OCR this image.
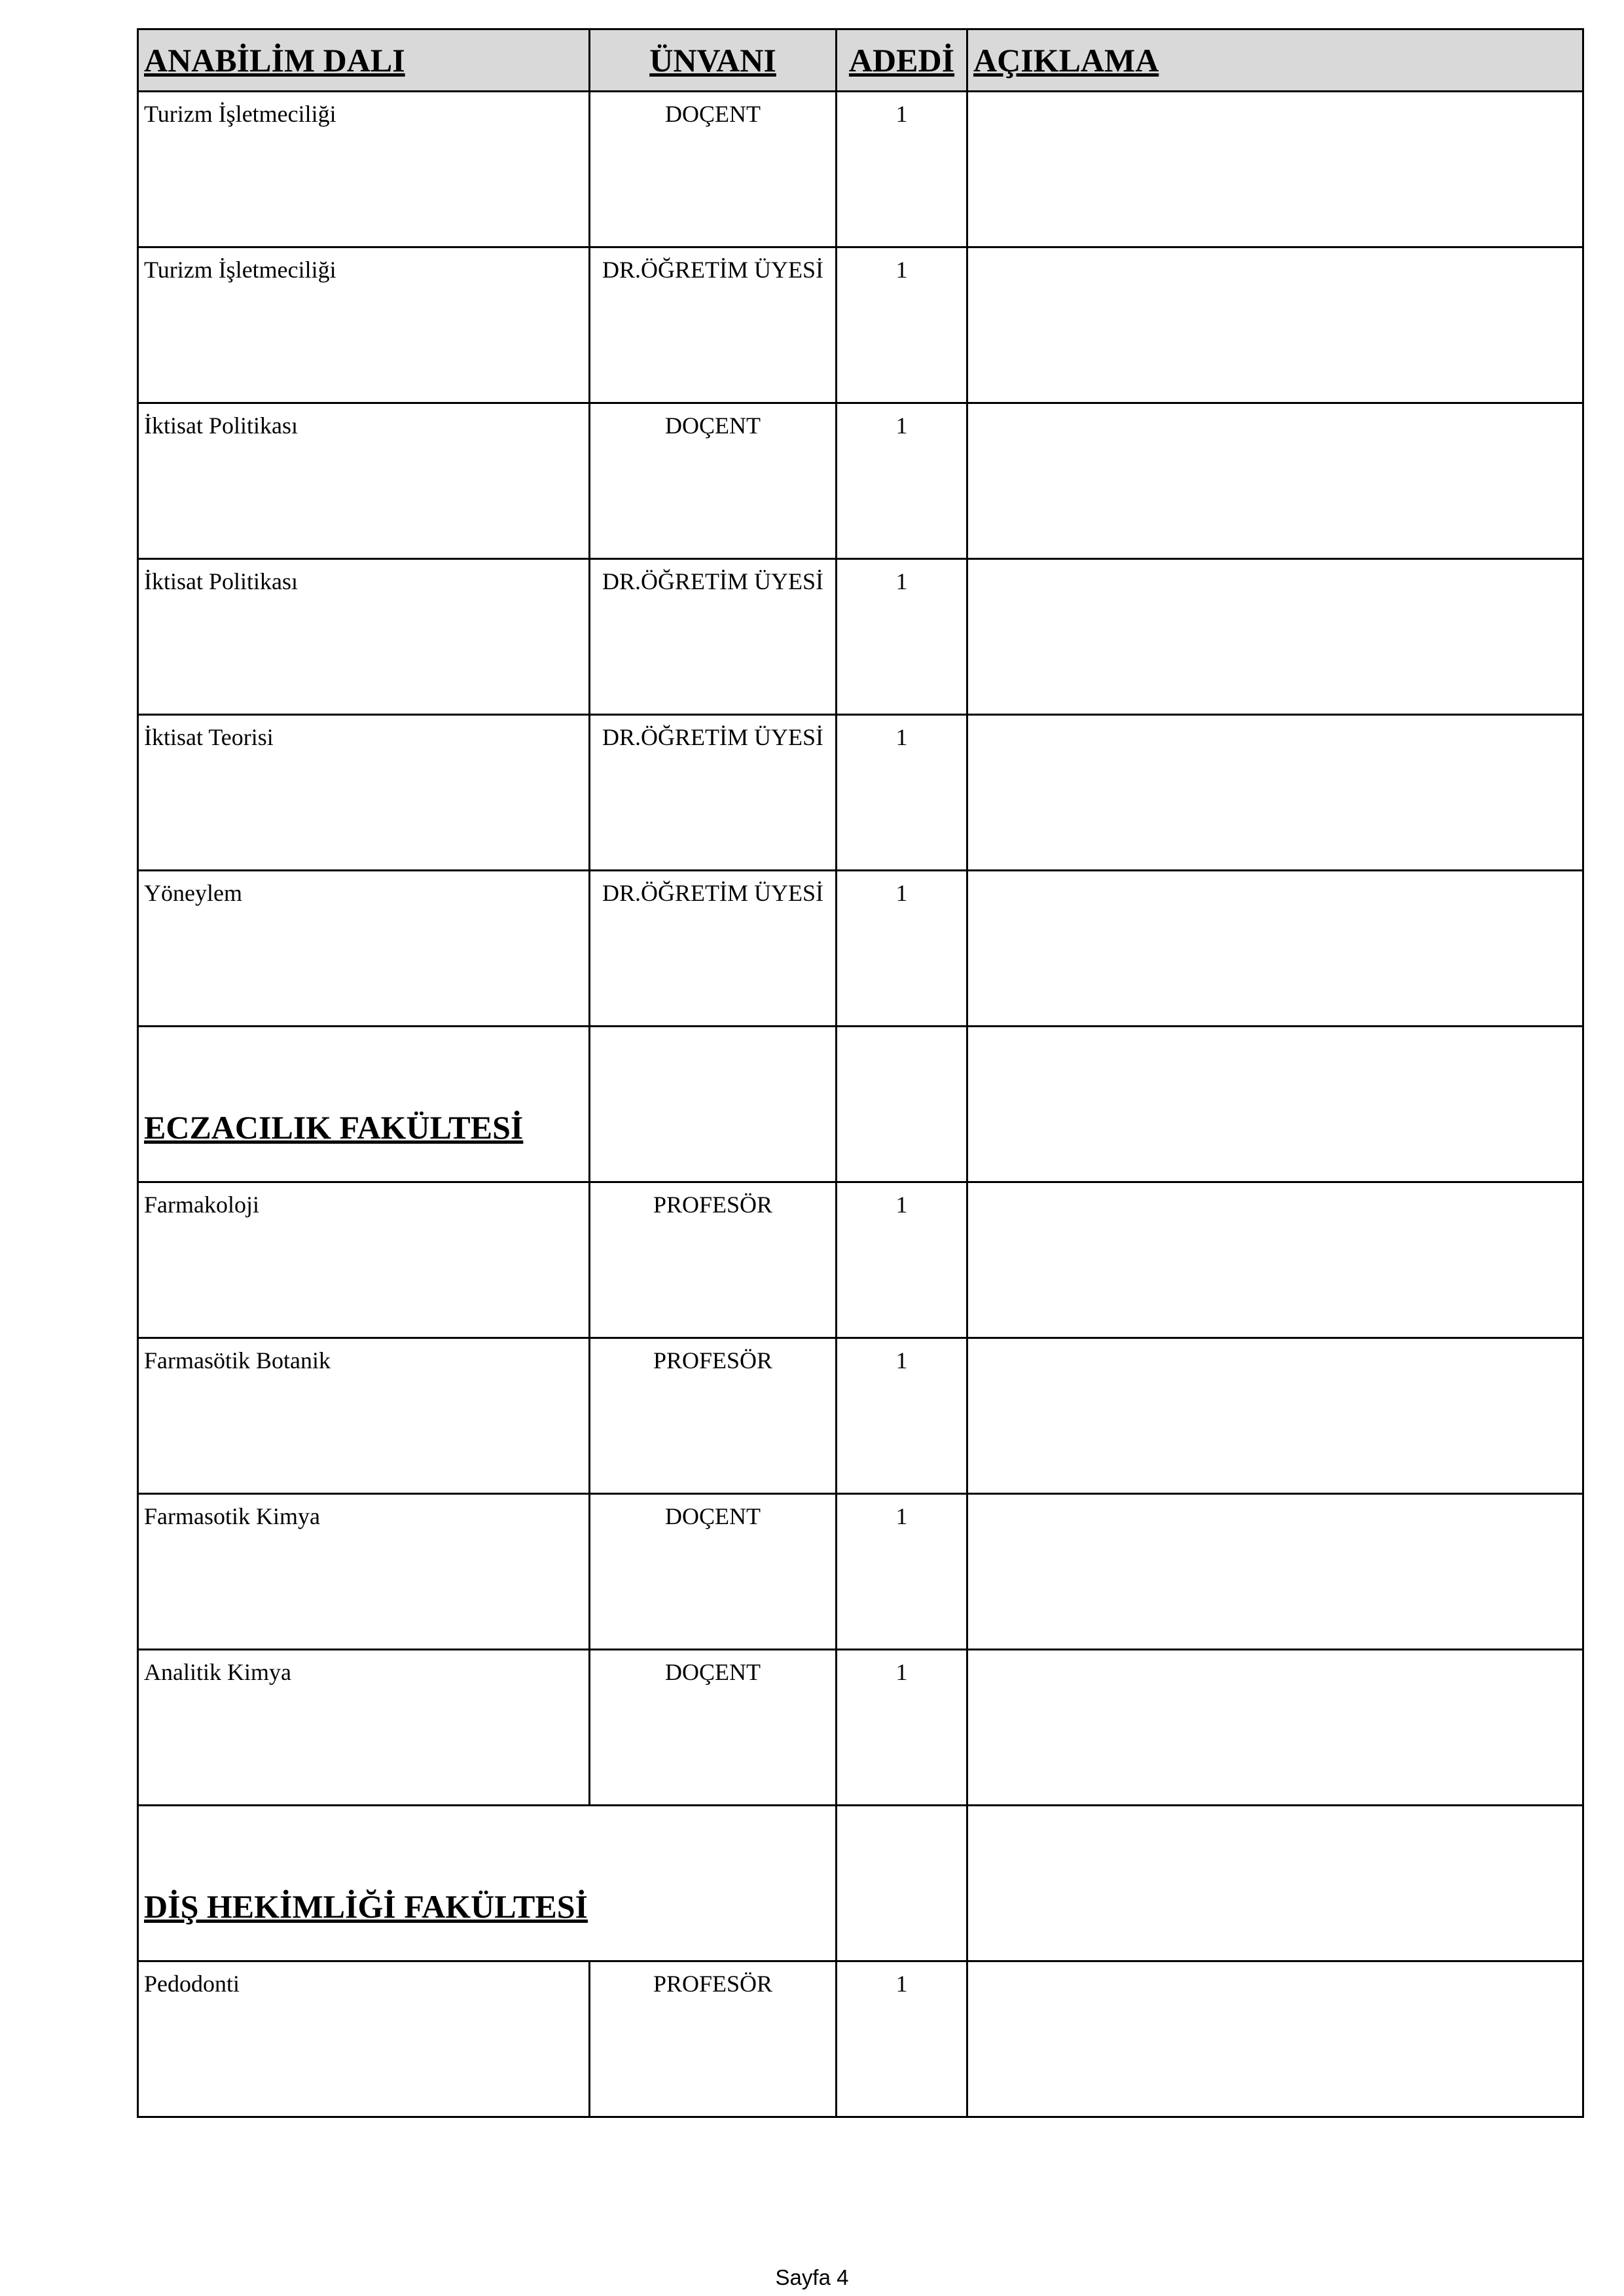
ANABİLİM DALI	ÜNVANI	ADEDİ	AÇIKLAMA
Turizm İşletmeciliği	DOÇENT	1	
Turizm İşletmeciliği	DR.ÖĞRETİM ÜYESİ	1	
İktisat Politikası	DOÇENT	1	
İktisat Politikası	DR.ÖĞRETİM ÜYESİ	1	
İktisat Teorisi	DR.ÖĞRETİM ÜYESİ	1	
Yöneylem	DR.ÖĞRETİM ÜYESİ	1	

ECZACILIK FAKÜLTESİ			

Farmakoloji	PROFESÖR	1	
Farmasötik Botanik	PROFESÖR	1	
Farmasotik Kimya	DOÇENT	1	
Analitik Kimya	DOÇENT	1	

DİŞ HEKİMLİĞİ FAKÜLTESİ			

Pedodonti	PROFESÖR	1	
Sayfa 4
